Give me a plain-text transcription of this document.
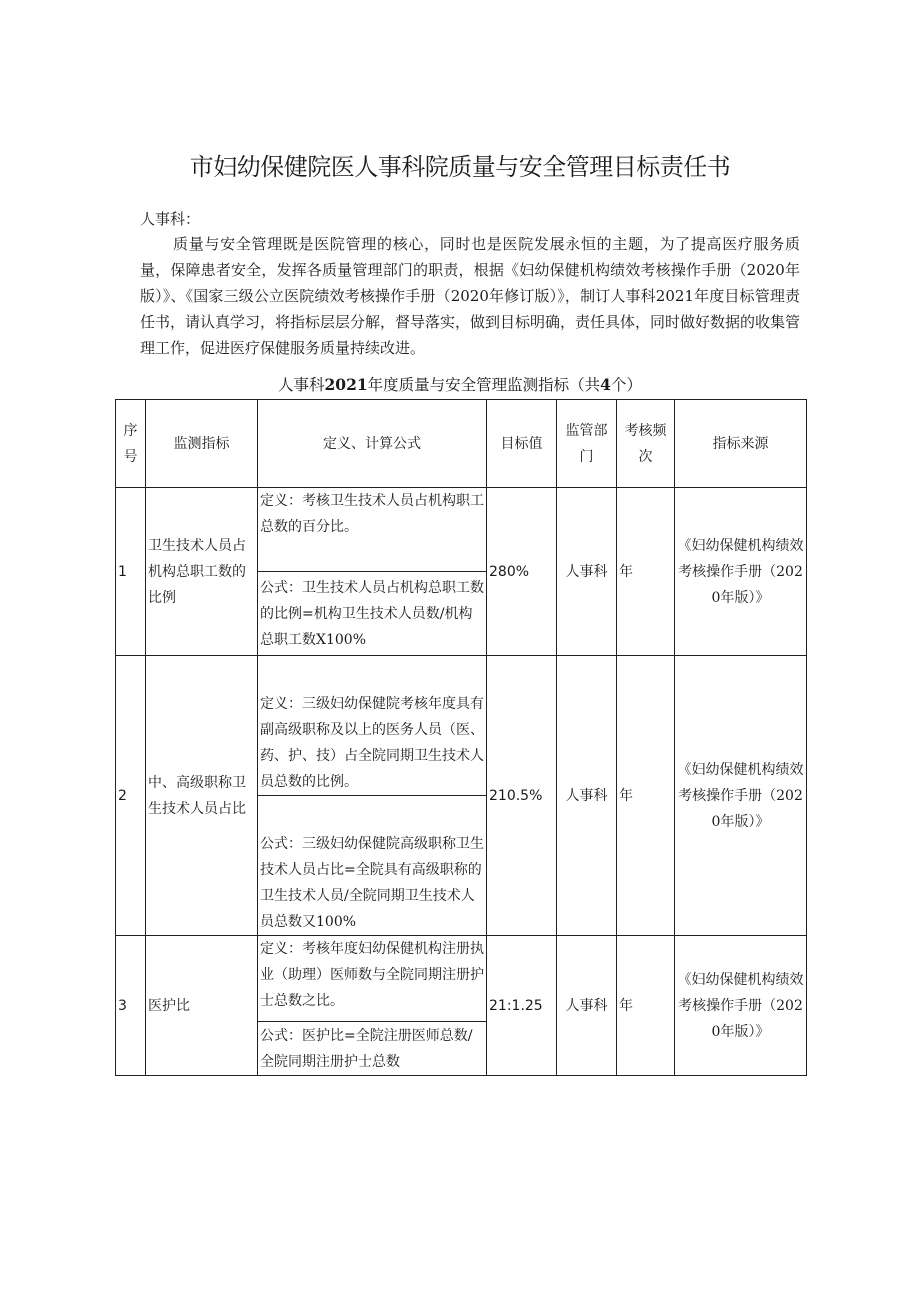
市妇幼保健院医人事科院质量与安全管理目标责任书
人事科：

质量与安全管理既是医院管理的核心，同时也是医院发展永恒的主题，为了提高医疗服务质量，保障患者安全，发挥各质量管理部门的职责，根据《妇幼保健机构绩效考核操作手册（2020年版）》、《国家三级公立医院绩效考核操作手册（2020年修订版）》，制订人事科2021年度目标管理责任书，请认真学习，将指标层层分解，督导落实，做到目标明确，责任具体，同时做好数据的收集管理工作，促进医疗保健服务质量持续改进。

人事科2021年度质量与安全管理监测指标（共4个）
序号	监测指标	定义、计算公式	目标值	监管部门	考核频次	指标来源
1	卫生技术人员占机构总职工数的比例	定义：考核卫生技术人员占机构职工总数的百分比。	280%	人事科	年	《妇幼保健机构绩效考核操作手册（2020年版）》
		公式：卫生技术人员占机构总职工数的比例=机构卫生技术人员数/机构总职工数X100%				
2	中、高级职称卫生技术人员占比	定义：三级妇幼保健院考核年度具有副高级职称及以上的医务人员（医、药、护、技）占全院同期卫生技术人员总数的比例。	210.5%	人事科	年	《妇幼保健机构绩效考核操作手册（2020年版）》
		公式：三级妇幼保健院高级职称卫生技术人员占比=全院具有高级职称的卫生技术人员/全院同期卫生技术人员总数又100%				
3	医护比	定义：考核年度妇幼保健机构注册执业（助理）医师数与全院同期注册护士总数之比。	21:1.25	人事科	年	《妇幼保健机构绩效考核操作手册（2020年版）》
		公式：医护比=全院注册医师总数/全院同期注册护士总数				
